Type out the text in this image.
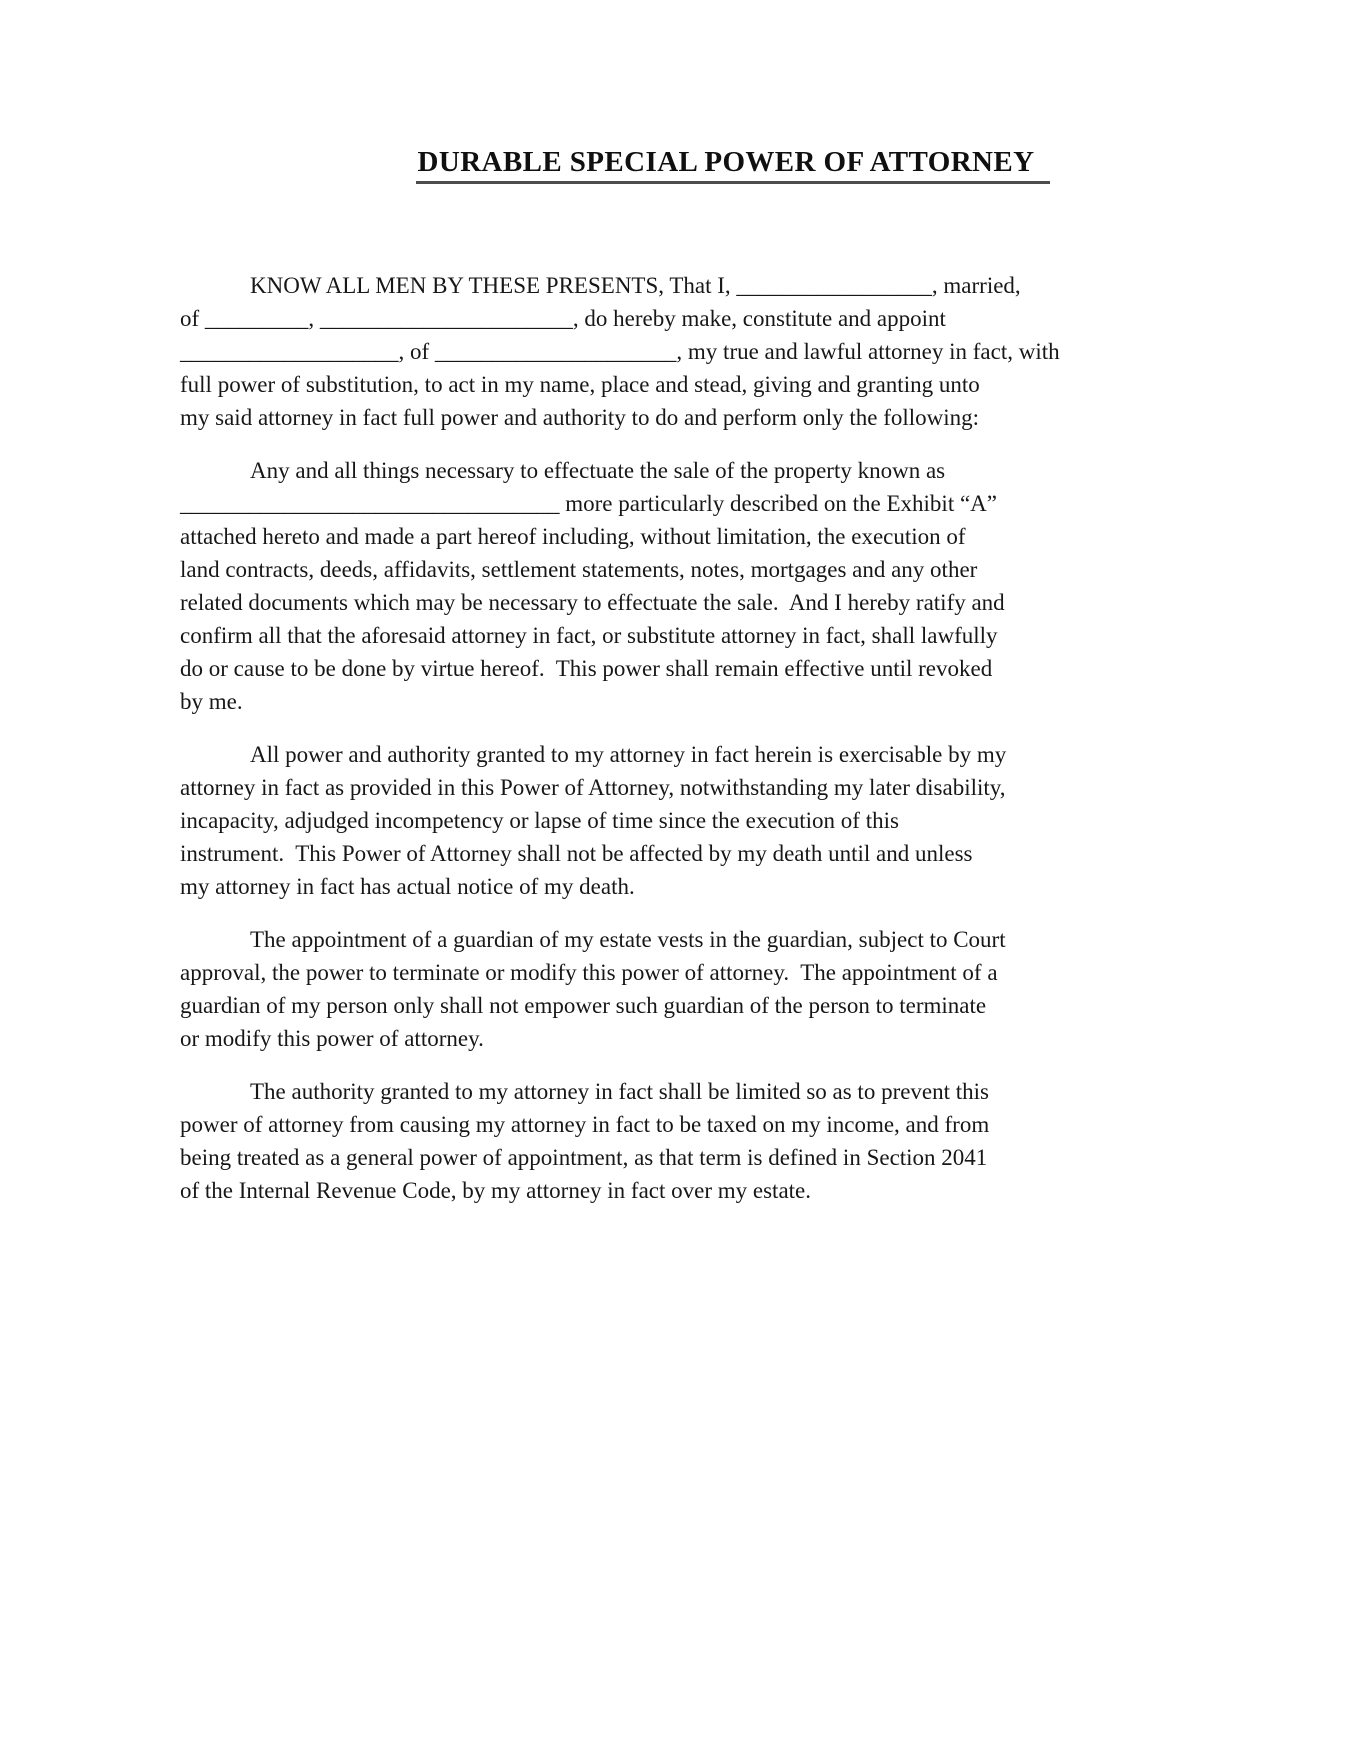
DURABLE SPECIAL POWER OF ATTORNEY
KNOW ALL MEN BY THESE PRESENTS, That I, _________________, married,
of _________, ______________________, do hereby make, constitute and appoint
___________________, of _____________________, my true and lawful attorney in fact, with
full power of substitution, to act in my name, place and stead, giving and granting unto
my said attorney in fact full power and authority to do and perform only the following:
Any and all things necessary to effectuate the sale of the property known as
_________________________________ more particularly described on the Exhibit “A”
attached hereto and made a part hereof including, without limitation, the execution of
land contracts, deeds, affidavits, settlement statements, notes, mortgages and any other
related documents which may be necessary to effectuate the sale.  And I hereby ratify and
confirm all that the aforesaid attorney in fact, or substitute attorney in fact, shall lawfully
do or cause to be done by virtue hereof.  This power shall remain effective until revoked
by me.
All power and authority granted to my attorney in fact herein is exercisable by my
attorney in fact as provided in this Power of Attorney, notwithstanding my later disability,
incapacity, adjudged incompetency or lapse of time since the execution of this
instrument.  This Power of Attorney shall not be affected by my death until and unless
my attorney in fact has actual notice of my death.
The appointment of a guardian of my estate vests in the guardian, subject to Court
approval, the power to terminate or modify this power of attorney.  The appointment of a
guardian of my person only shall not empower such guardian of the person to terminate
or modify this power of attorney.
The authority granted to my attorney in fact shall be limited so as to prevent this
power of attorney from causing my attorney in fact to be taxed on my income, and from
being treated as a general power of appointment, as that term is defined in Section 2041
of the Internal Revenue Code, by my attorney in fact over my estate.
